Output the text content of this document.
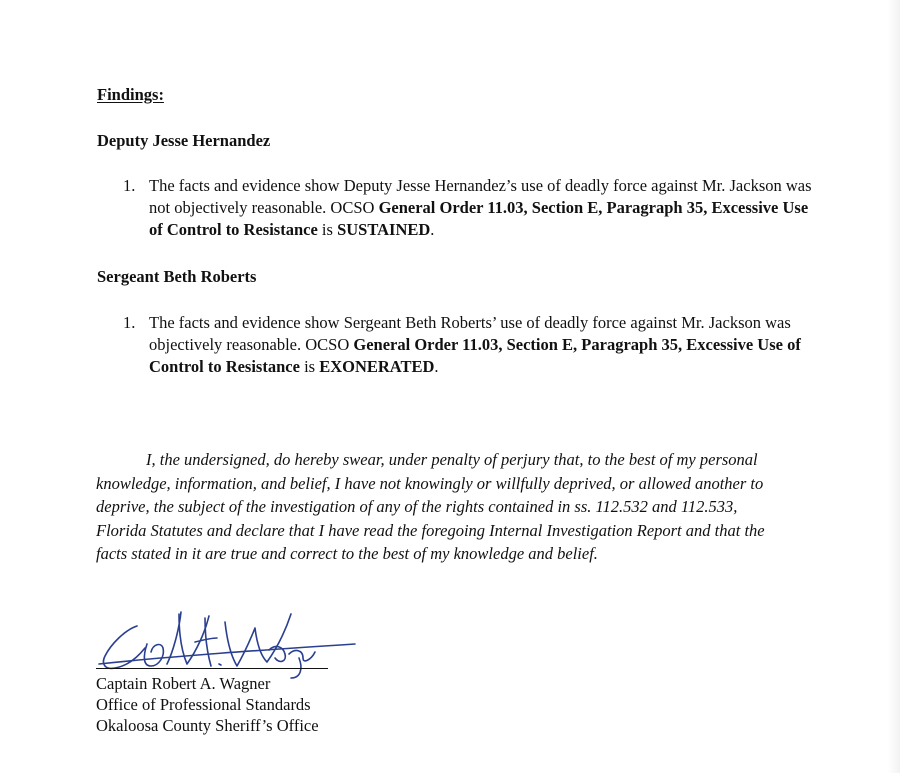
Findings:
Deputy Jesse Hernandez
1. The facts and evidence show Deputy Jesse Hernandez’s use of deadly force against Mr. Jackson was not objectively reasonable. OCSO General Order 11.03, Section E, Paragraph 35, Excessive Use of Control to Resistance is SUSTAINED.
Sergeant Beth Roberts
1. The facts and evidence show Sergeant Beth Roberts’ use of deadly force against Mr. Jackson was objectively reasonable. OCSO General Order 11.03, Section E, Paragraph 35, Excessive Use of Control to Resistance is EXONERATED.
I, the undersigned, do hereby swear, under penalty of perjury that, to the best of my personal knowledge, information, and belief, I have not knowingly or willfully deprived, or allowed another to deprive, the subject of the investigation of any of the rights contained in ss. 112.532 and 112.533, Florida Statutes and declare that I have read the foregoing Internal Investigation Report and that the facts stated in it are true and correct to the best of my knowledge and belief.
Captain Robert A. Wagner
Office of Professional Standards
Okaloosa County Sheriff’s Office
